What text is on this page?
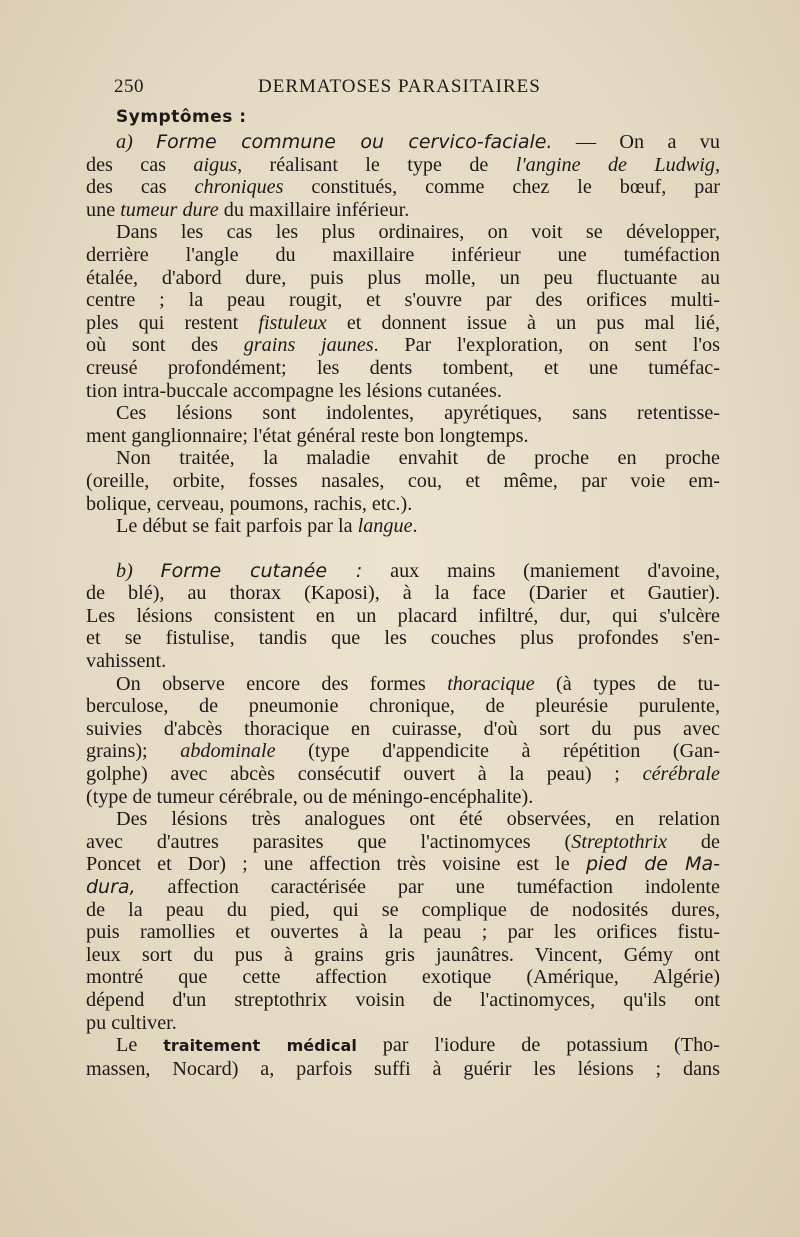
250	DERMATOSES PARASITAIRES
Symptômes :

a) Forme commune ou cervico-faciale. — On a vu
des cas aigus, réalisant le type de l'angine de Ludwig,
des cas chroniques constitués, comme chez le bœuf, par
une tumeur dure du maxillaire inférieur.

Dans les cas les plus ordinaires, on voit se développer,
derrière l'angle du maxillaire inférieur une tuméfaction
étalée, d'abord dure, puis plus molle, un peu fluctuante au
centre ; la peau rougit, et s'ouvre par des orifices multi-
ples qui restent fistuleux et donnent issue à un pus mal lié,
où sont des grains jaunes. Par l'exploration, on sent l'os
creusé profondément; les dents tombent, et une tuméfac-
tion intra-buccale accompagne les lésions cutanées.

Ces lésions sont indolentes, apyrétiques, sans retentisse-
ment ganglionnaire; l'état général reste bon longtemps.

Non traitée, la maladie envahit de proche en proche
(oreille, orbite, fosses nasales, cou, et même, par voie em-
bolique, cerveau, poumons, rachis, etc.).

Le début se fait parfois par la langue.

b) Forme cutanée : aux mains (maniement d'avoine,
de blé), au thorax (Kaposi), à la face (Darier et Gautier).
Les lésions consistent en un placard infiltré, dur, qui s'ulcère
et se fistulise, tandis que les couches plus profondes s'en-
vahissent.

On observe encore des formes thoracique (à types de tu-
berculose, de pneumonie chronique, de pleurésie purulente,
suivies d'abcès thoracique en cuirasse, d'où sort du pus avec
grains); abdominale (type d'appendicite à répétition (Gan-
golphe) avec abcès consécutif ouvert à la peau) ; cérébrale
(type de tumeur cérébrale, ou de méningo-encéphalite).

Des lésions très analogues ont été observées, en relation
avec d'autres parasites que l'actinomyces (Streptothrix de
Poncet et Dor) ; une affection très voisine est le pied de Ma-
dura, affection caractérisée par une tuméfaction indolente
de la peau du pied, qui se complique de nodosités dures,
puis ramollies et ouvertes à la peau ; par les orifices fistu-
leux sort du pus à grains gris jaunâtres. Vincent, Gémy ont
montré que cette affection exotique (Amérique, Algérie)
dépend d'un streptothrix voisin de l'actinomyces, qu'ils ont
pu cultiver.

Le traitement médical par l'iodure de potassium (Tho-
massen, Nocard) a, parfois suffi à guérir les lésions ; dans
